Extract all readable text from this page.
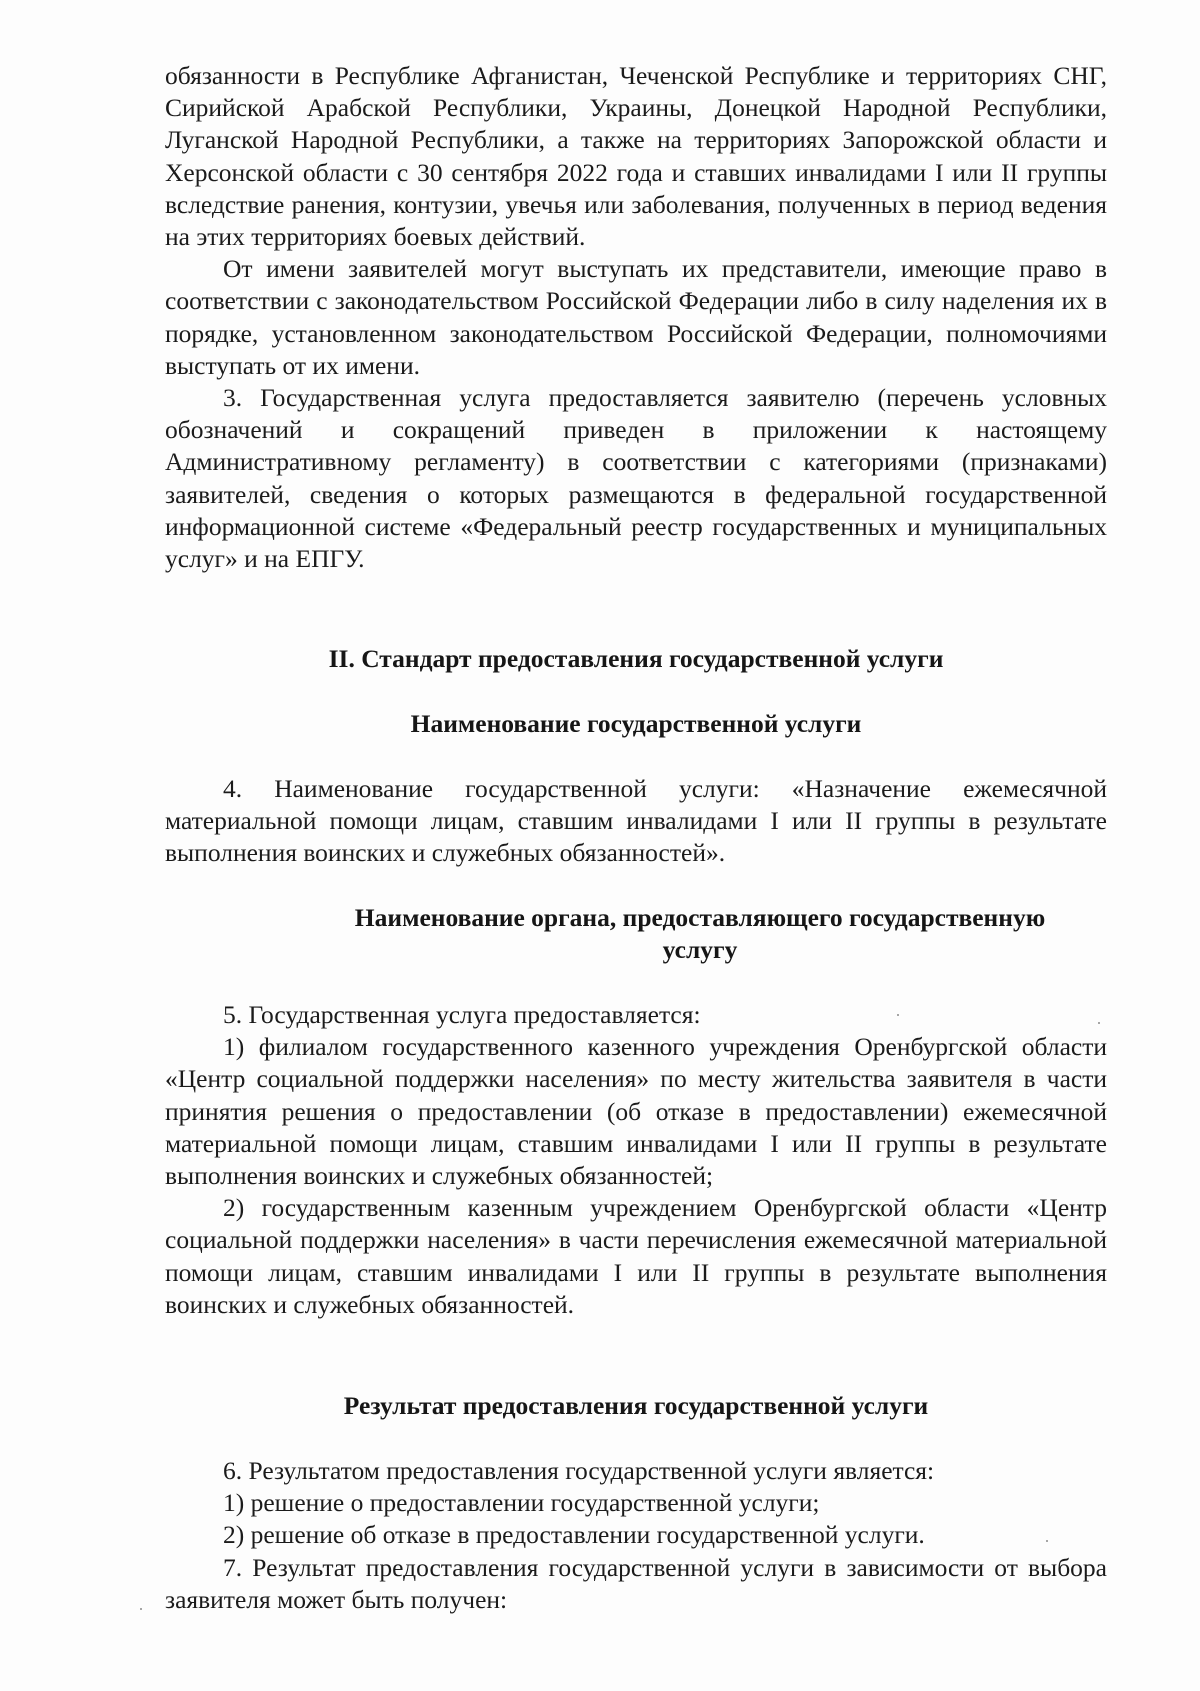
обязанности в Республике Афганистан, Чеченской Республике и территориях СНГ, Сирийской Арабской Республики, Украины, Донецкой Народной Республики, Луганской Народной Республики, а также на территориях Запорожской области и Херсонской области с 30 сентября 2022 года и ставших инвалидами I или II группы вследствие ранения, контузии, увечья или заболевания, полученных в период ведения на этих территориях боевых действий.

От имени заявителей могут выступать их представители, имеющие право в соответствии с законодательством Российской Федерации либо в силу наделения их в порядке, установленном законодательством Российской Федерации, полномочиями выступать от их имени.

3. Государственная услуга предоставляется заявителю (перечень условных обозначений и сокращений приведен в приложении к настоящему Административному регламенту) в соответствии с категориями (признаками) заявителей, сведения о которых размещаются в федеральной государственной информационной системе «Федеральный реестр государственных и муниципальных услуг» и на ЕПГУ.

II. Стандарт предоставления государственной услуги
Наименование государственной услуги

4. Наименование государственной услуги: «Назначение ежемесячной материальной помощи лицам, ставшим инвалидами I или II группы в результате выполнения воинских и служебных обязанностей».

Наименование органа, предоставляющего государственную
услугу

5. Государственная услуга предоставляется:

1) филиалом государственного казенного учреждения Оренбургской области «Центр социальной поддержки населения» по месту жительства заявителя в части принятия решения о предоставлении (об отказе в предоставлении) ежемесячной материальной помощи лицам, ставшим инвалидами I или II группы в результате выполнения воинских и служебных обязанностей;

2) государственным казенным учреждением Оренбургской области «Центр социальной поддержки населения» в части перечисления ежемесячной материальной помощи лицам, ставшим инвалидами I или II группы в результате выполнения воинских и служебных обязанностей.

Результат предоставления государственной услуги

6. Результатом предоставления государственной услуги является:

1) решение о предоставлении государственной услуги;

2) решение об отказе в предоставлении государственной услуги.

7. Результат предоставления государственной услуги в зависимости от выбора заявителя может быть получен:
